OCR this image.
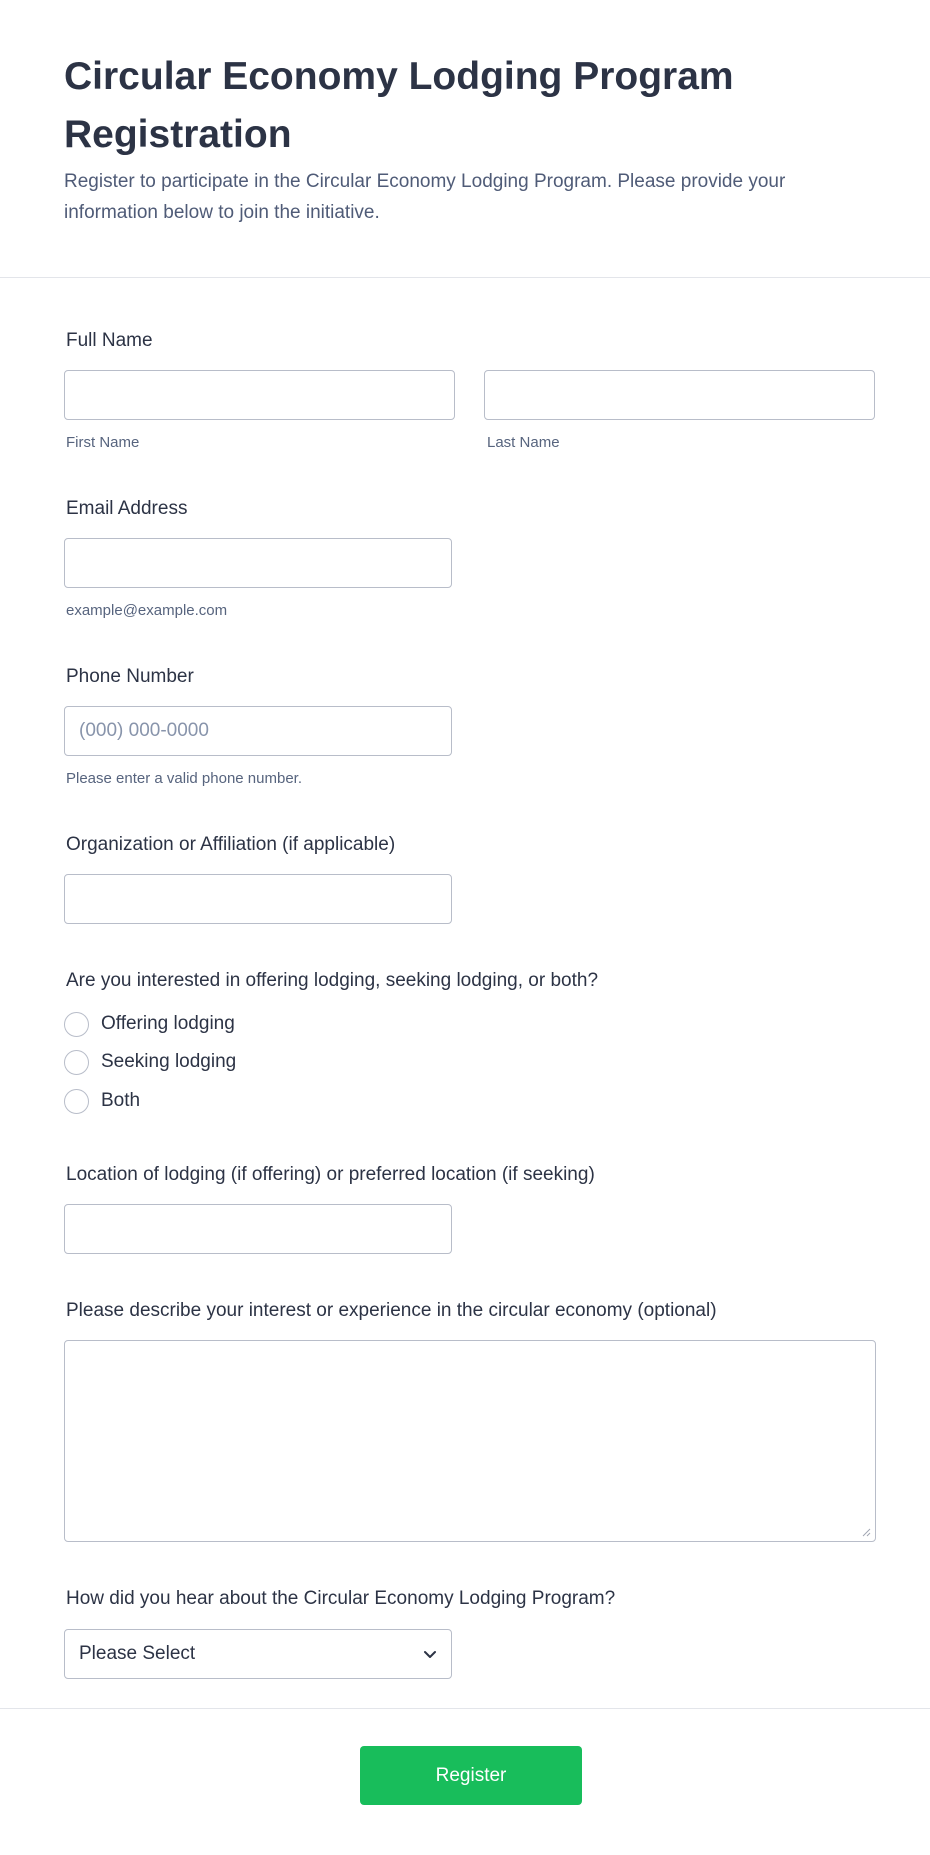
Circular Economy Lodging Program Registration

Register to participate in the Circular Economy Lodging Program. Please provide your information below to join the initiative.

Full Name
First Name	Last Name
Email Address
example@example.com
Phone Number
(000) 000-0000
Please enter a valid phone number.
Organization or Affiliation (if applicable)
Are you interested in offering lodging, seeking lodging, or both?
Offering lodging
Seeking lodging
Both
Location of lodging (if offering) or preferred location (if seeking)
Please describe your interest or experience in the circular economy (optional)
How did you hear about the Circular Economy Lodging Program?
Please Select
Register
